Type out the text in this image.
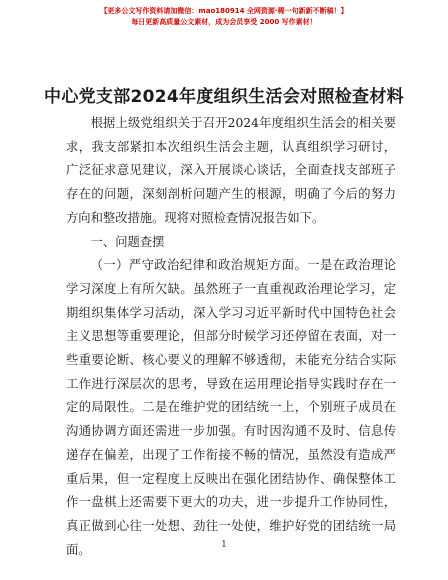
【更多公文写作资料请加微信：mao180914 全网资源·稀一句新新不断稿！】
每日更新高质量公文素材，成为会员享受 2000 写作素材！
中心党支部2024年度组织生活会对照检查材料

根据上级党组织关于召开2024年度组织生活会的相关要求，我支部紧扣本次组织生活会主题，认真组织学习研讨，广泛征求意见建议，深入开展谈心谈话，全面查找支部班子存在的问题，深刻剖析问题产生的根源，明确了今后的努力方向和整改措施。现将对照检查情况报告如下。

一、问题查摆

（一）严守政治纪律和政治规矩方面。一是在政治理论学习深度上有所欠缺。虽然班子一直重视政治理论学习，定期组织集体学习活动，深入学习习近平新时代中国特色社会主义思想等重要理论，但部分时候学习还停留在表面，对一些重要论断、核心要义的理解不够透彻，未能充分结合实际工作进行深层次的思考，导致在运用理论指导实践时存在一定的局限性。二是在维护党的团结统一上，个别班子成员在沟通协调方面还需进一步加强。有时因沟通不及时、信息传递存在偏差，出现了工作衔接不畅的情况，虽然没有造成严重后果，但一定程度上反映出在强化团结协作、确保整体工作一盘棋上还需要下更大的功夫，进一步提升工作协同性，真正做到心往一处想、劲往一处使，维护好党的团结统一局面。	1
